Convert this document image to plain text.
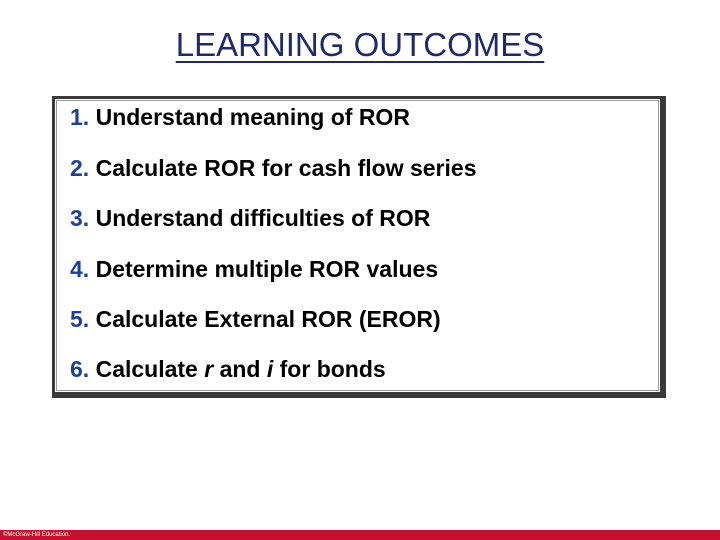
LEARNING OUTCOMES
1. Understand meaning of ROR
2. Calculate ROR for cash flow series
3. Understand difficulties of ROR
4. Determine multiple ROR values
5. Calculate External ROR (EROR)
6. Calculate r and i for bonds
©McGraw-Hill Education.
